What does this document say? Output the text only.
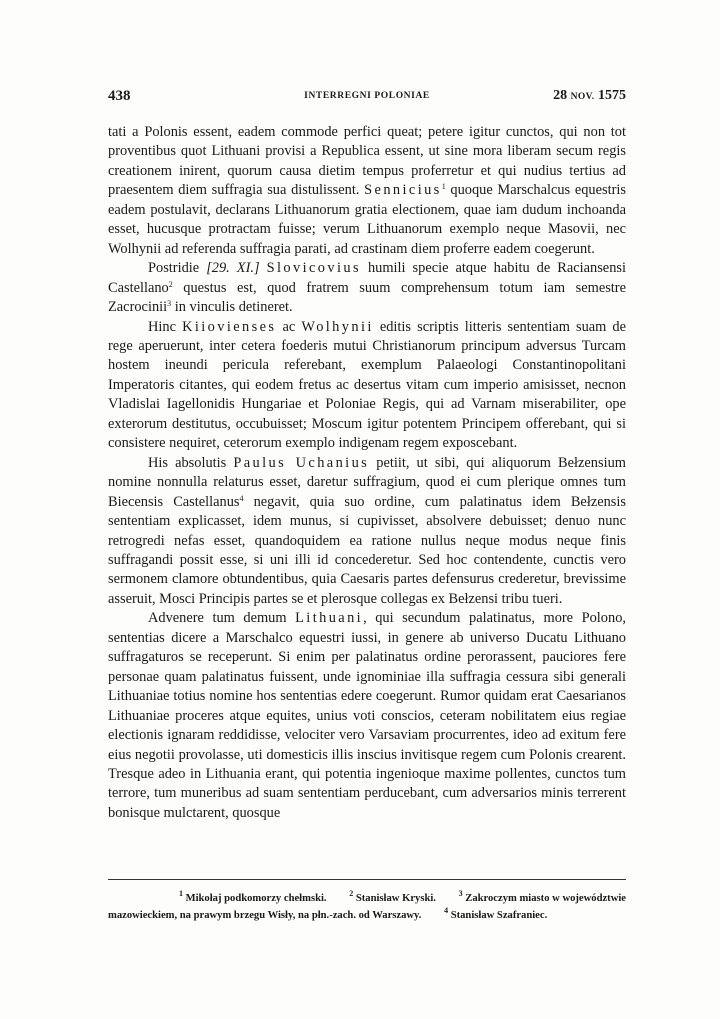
438	INTERREGNI POLONIAE	28 NOV. 1575

tati a Polonis essent, eadem commode perfici queat; petere igitur cunctos, qui non tot proventibus quot Lithuani provisi a Republica essent, ut sine mora liberam secum regis creationem inirent, quorum causa dietim tempus proferretur et qui nudius tertius ad praesentem diem suffragia sua distulissent. Sennicius$^1$ quoque Marschalcus equestris eadem postulavit, declarans Lithuanorum gratia electionem, quae iam dudum inchoanda esset, hucusque protractam fuisse; verum Lithuanorum exemplo neque Masovii, nec Wolhynii ad referenda suffragia parati, ad crastinam diem proferre eadem coegerunt.

Postridie [29. XI.] Slovicovius humili specie atque habitu de Raciansensi Castellano$^2$ questus est, quod fratrem suum comprehensum totum iam semestre Zacrocinii$^3$ in vinculis detineret.

Hinc Kiiovienses ac Wolhynii editis scriptis litteris sententiam suam de rege aperuerunt, inter cetera foederis mutui Christianorum principum adversus Turcam hostem ineundi pericula referebant, exemplum Palaeologi Constantinopolitani Imperatoris citantes, qui eodem fretus ac desertus vitam cum imperio amisisset, necnon Vladislai Iagellonidis Hungariae et Poloniae Regis, qui ad Varnam miserabiliter, ope exterorum destitutus, occubuisset; Moscum igitur potentem Principem offerebant, qui si consistere nequiret, ceterorum exemplo indigenam regem exposcebant.

His absolutis Paulus Uchanius petiit, ut sibi, qui aliquorum Bełzensium nomine nonnulla relaturus esset, daretur suffragium, quod ei cum plerique omnes tum Biecensis Castellanus$^4$ negavit, quia suo ordine, cum palatinatus idem Bełzensis sententiam explicasset, idem munus, si cupivisset, absolvere debuisset; denuo nunc retrogredi nefas esset, quandoquidem ea ratione nullus neque modus neque finis suffragandi possit esse, si uni illi id concederetur. Sed hoc contendente, cunctis vero sermonem clamore obtundentibus, quia Caesaris partes defensurus crederetur, brevissime asseruit, Mosci Principis partes se et plerosque collegas ex Bełzensi tribu tueri.

Advenere tum demum Lithuani, qui secundum palatinatus, more Polono, sententias dicere a Marschalco equestri iussi, in genere ab universo Ducatu Lithuano suffragaturos se receperunt. Si enim per palatinatus ordine perorassent, pauciores fere personae quam palatinatus fuissent, unde ignominiae illa suffragia cessura sibi generali Lithuaniae totius nomine hos sententias edere coegerunt. Rumor quidam erat Caesarianos Lithuaniae proceres atque equites, unius voti conscios, ceteram nobilitatem eius regiae electionis ignaram reddidisse, velociter vero Varsaviam procurrentes, ideo ad exitum fere eius negotii provolasse, uti domesticis illis inscius invitisque regem cum Polonis crearent. Tresque adeo in Lithuania erant, qui potentia ingenioque maxime pollentes, cunctos tum terrore, tum muneribus ad suam sententiam perducebant, cum adversarios minis terrerent bonisque mulctarent, quosque

$^1$ Mikołaj podkomorzy chełmski.	$^2$ Stanisław Kryski.	$^3$ Zakroczym miasto w województwie
mazowieckiem, na prawym brzegu Wisły, na płn.-zach. od Warszawy.	$^4$ Stanisław Szafraniec.
